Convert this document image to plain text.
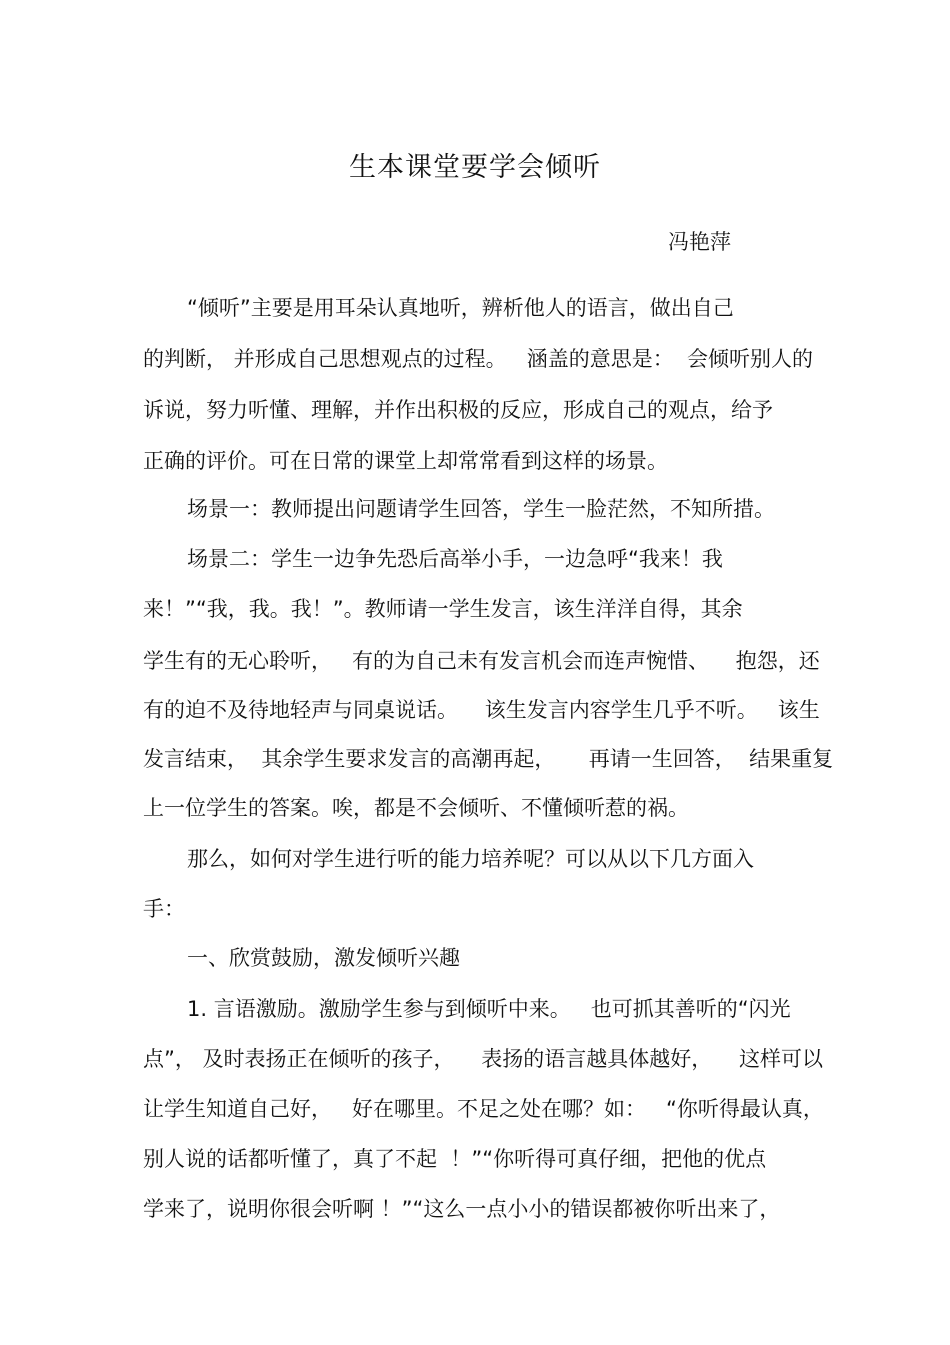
生本课堂要学会倾听
冯艳萍
“倾听”主要是用耳朵认真地听，辨析他人的语言，做出自己
的判断， 并形成自己思想观点的过程。   涵盖的意思是：  会倾听别人的
诉说，努力听懂、理解，并作出积极的反应，形成自己的观点，给予
正确的评价。可在日常的课堂上却常常看到这样的场景。
场景一：教师提出问题请学生回答，学生一脸茫然，不知所措。
场景二：学生一边争先恐后高举小手，一边急呼“我来！我
来！”“我，我。我！”。教师请一学生发言，该生洋洋自得，其余
学生有的无心聆听，   有的为自己未有发言机会而连声惋惜、    抱怨，还
有的迫不及待地轻声与同桌说话。    该生发言内容学生几乎不听。   该生
发言结束，  其余学生要求发言的高潮再起，     再请一生回答，  结果重复
上一位学生的答案。唉，都是不会倾听、不懂倾听惹的祸。
那么，如何对学生进行听的能力培养呢？可以从以下几方面入
手：
一、欣赏鼓励，激发倾听兴趣
1. 言语激励。激励学生参与到倾听中来。   也可抓其善听的“闪光
点”， 及时表扬正在倾听的孩子，    表扬的语言越具体越好，    这样可以
让学生知道自己好，   好在哪里。不足之处在哪？如：   “你听得最认真，
别人说的话都听懂了，真了不起  ！”“你听得可真仔细，把他的优点
学来了，说明你很会听啊 ！”“这么一点小小的错误都被你听出来了，
